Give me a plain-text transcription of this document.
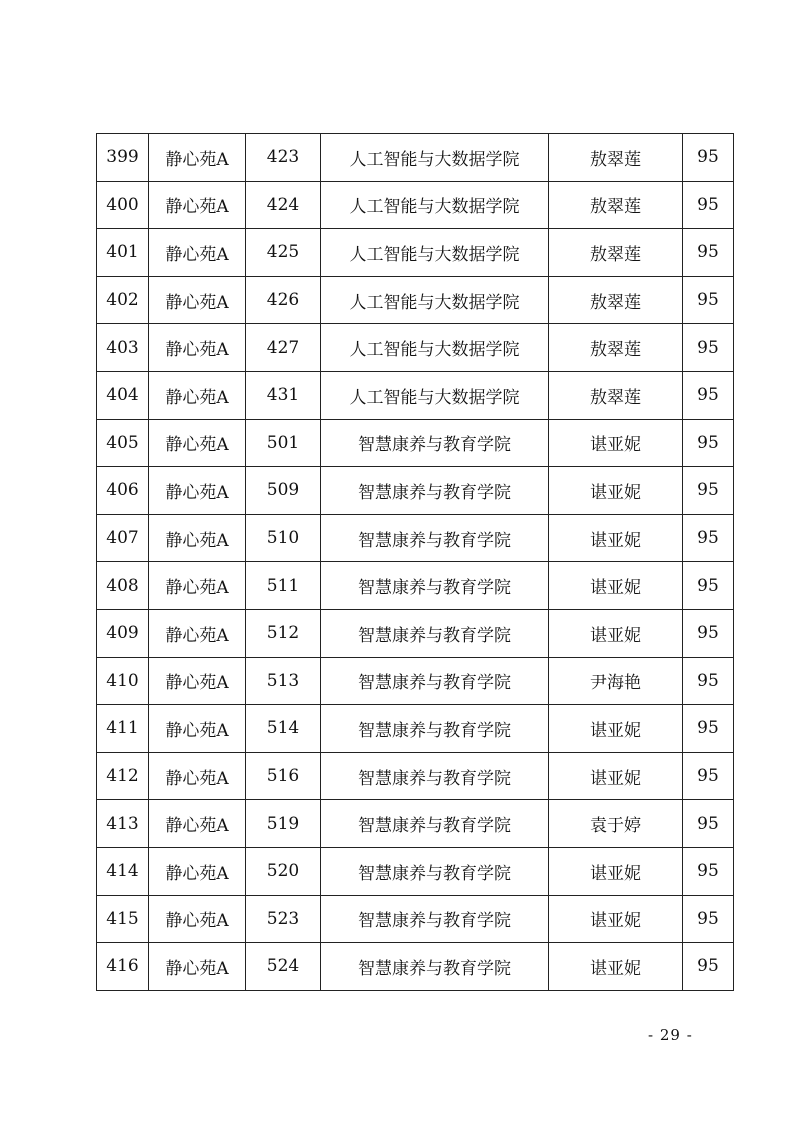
399	静心苑A	423	人工智能与大数据学院	敖翠莲	95
400	静心苑A	424	人工智能与大数据学院	敖翠莲	95
401	静心苑A	425	人工智能与大数据学院	敖翠莲	95
402	静心苑A	426	人工智能与大数据学院	敖翠莲	95
403	静心苑A	427	人工智能与大数据学院	敖翠莲	95
404	静心苑A	431	人工智能与大数据学院	敖翠莲	95
405	静心苑A	501	智慧康养与教育学院	谌亚妮	95
406	静心苑A	509	智慧康养与教育学院	谌亚妮	95
407	静心苑A	510	智慧康养与教育学院	谌亚妮	95
408	静心苑A	511	智慧康养与教育学院	谌亚妮	95
409	静心苑A	512	智慧康养与教育学院	谌亚妮	95
410	静心苑A	513	智慧康养与教育学院	尹海艳	95
411	静心苑A	514	智慧康养与教育学院	谌亚妮	95
412	静心苑A	516	智慧康养与教育学院	谌亚妮	95
413	静心苑A	519	智慧康养与教育学院	袁于婷	95
414	静心苑A	520	智慧康养与教育学院	谌亚妮	95
415	静心苑A	523	智慧康养与教育学院	谌亚妮	95
416	静心苑A	524	智慧康养与教育学院	谌亚妮	95
- 29 -
